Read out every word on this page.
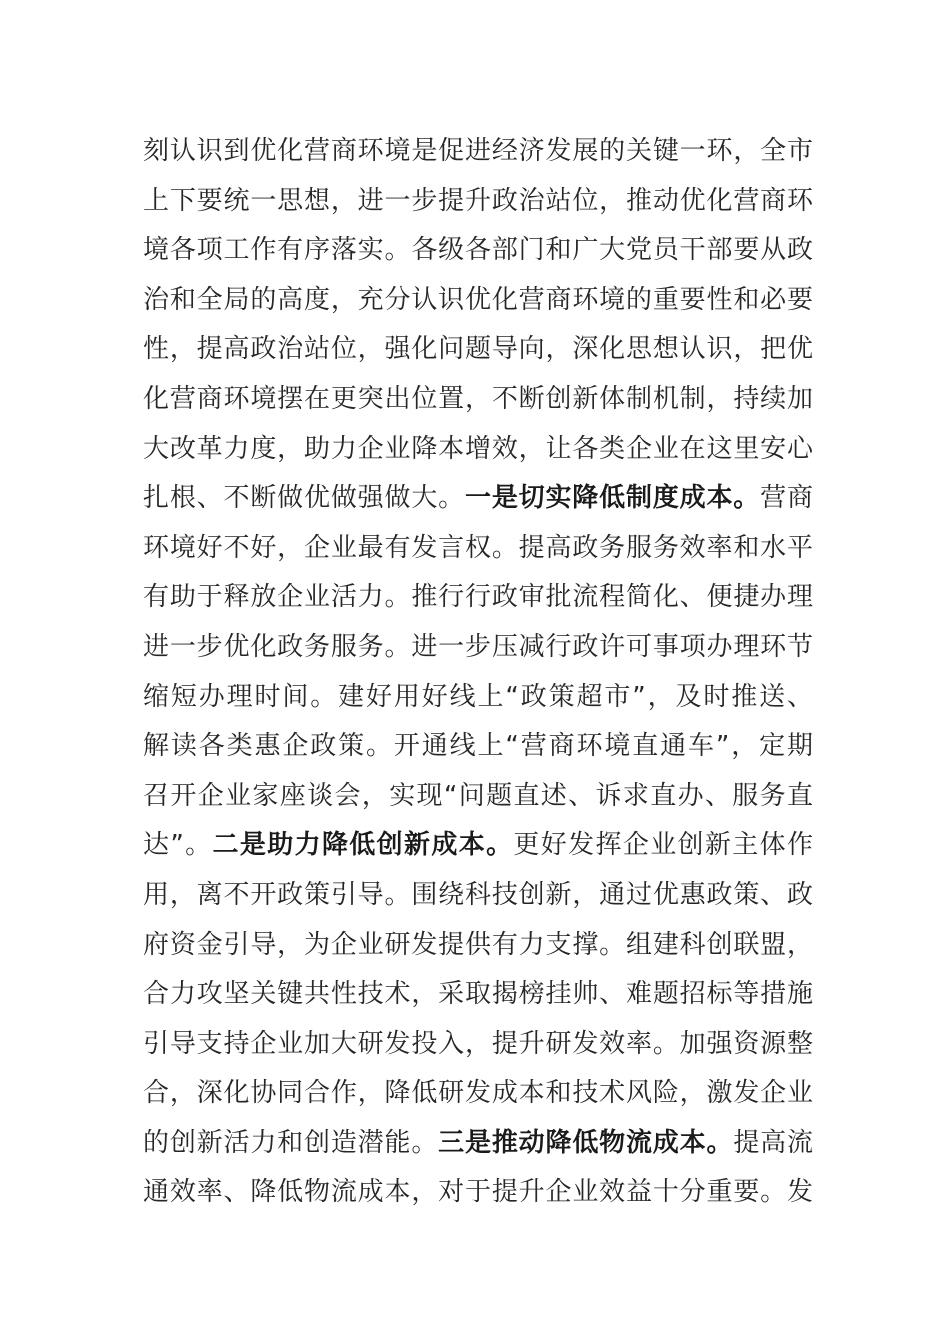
刻认识到优化营商环境是促进经济发展的关键一环，全市
上下要统一思想，进一步提升政治站位，推动优化营商环
境各项工作有序落实。各级各部门和广大党员干部要从政
治和全局的高度，充分认识优化营商环境的重要性和必要
性，提高政治站位，强化问题导向，深化思想认识，把优
化营商环境摆在更突出位置，不断创新体制机制，持续加
大改革力度，助力企业降本增效，让各类企业在这里安心
扎根、不断做优做强做大。一是切实降低制度成本。营商
环境好不好，企业最有发言权。提高政务服务效率和水平
有助于释放企业活力。推行行政审批流程简化、便捷办理
进一步优化政务服务。进一步压减行政许可事项办理环节
缩短办理时间。建好用好线上“政策超市”，及时推送、
解读各类惠企政策。开通线上“营商环境直通车”，定期
召开企业家座谈会，实现“问题直述、诉求直办、服务直
达”。二是助力降低创新成本。更好发挥企业创新主体作
用，离不开政策引导。围绕科技创新，通过优惠政策、政
府资金引导，为企业研发提供有力支撑。组建科创联盟，
合力攻坚关键共性技术，采取揭榜挂帅、难题招标等措施
引导支持企业加大研发投入，提升研发效率。加强资源整
合，深化协同合作，降低研发成本和技术风险，激发企业
的创新活力和创造潜能。三是推动降低物流成本。提高流
通效率、降低物流成本，对于提升企业效益十分重要。发
